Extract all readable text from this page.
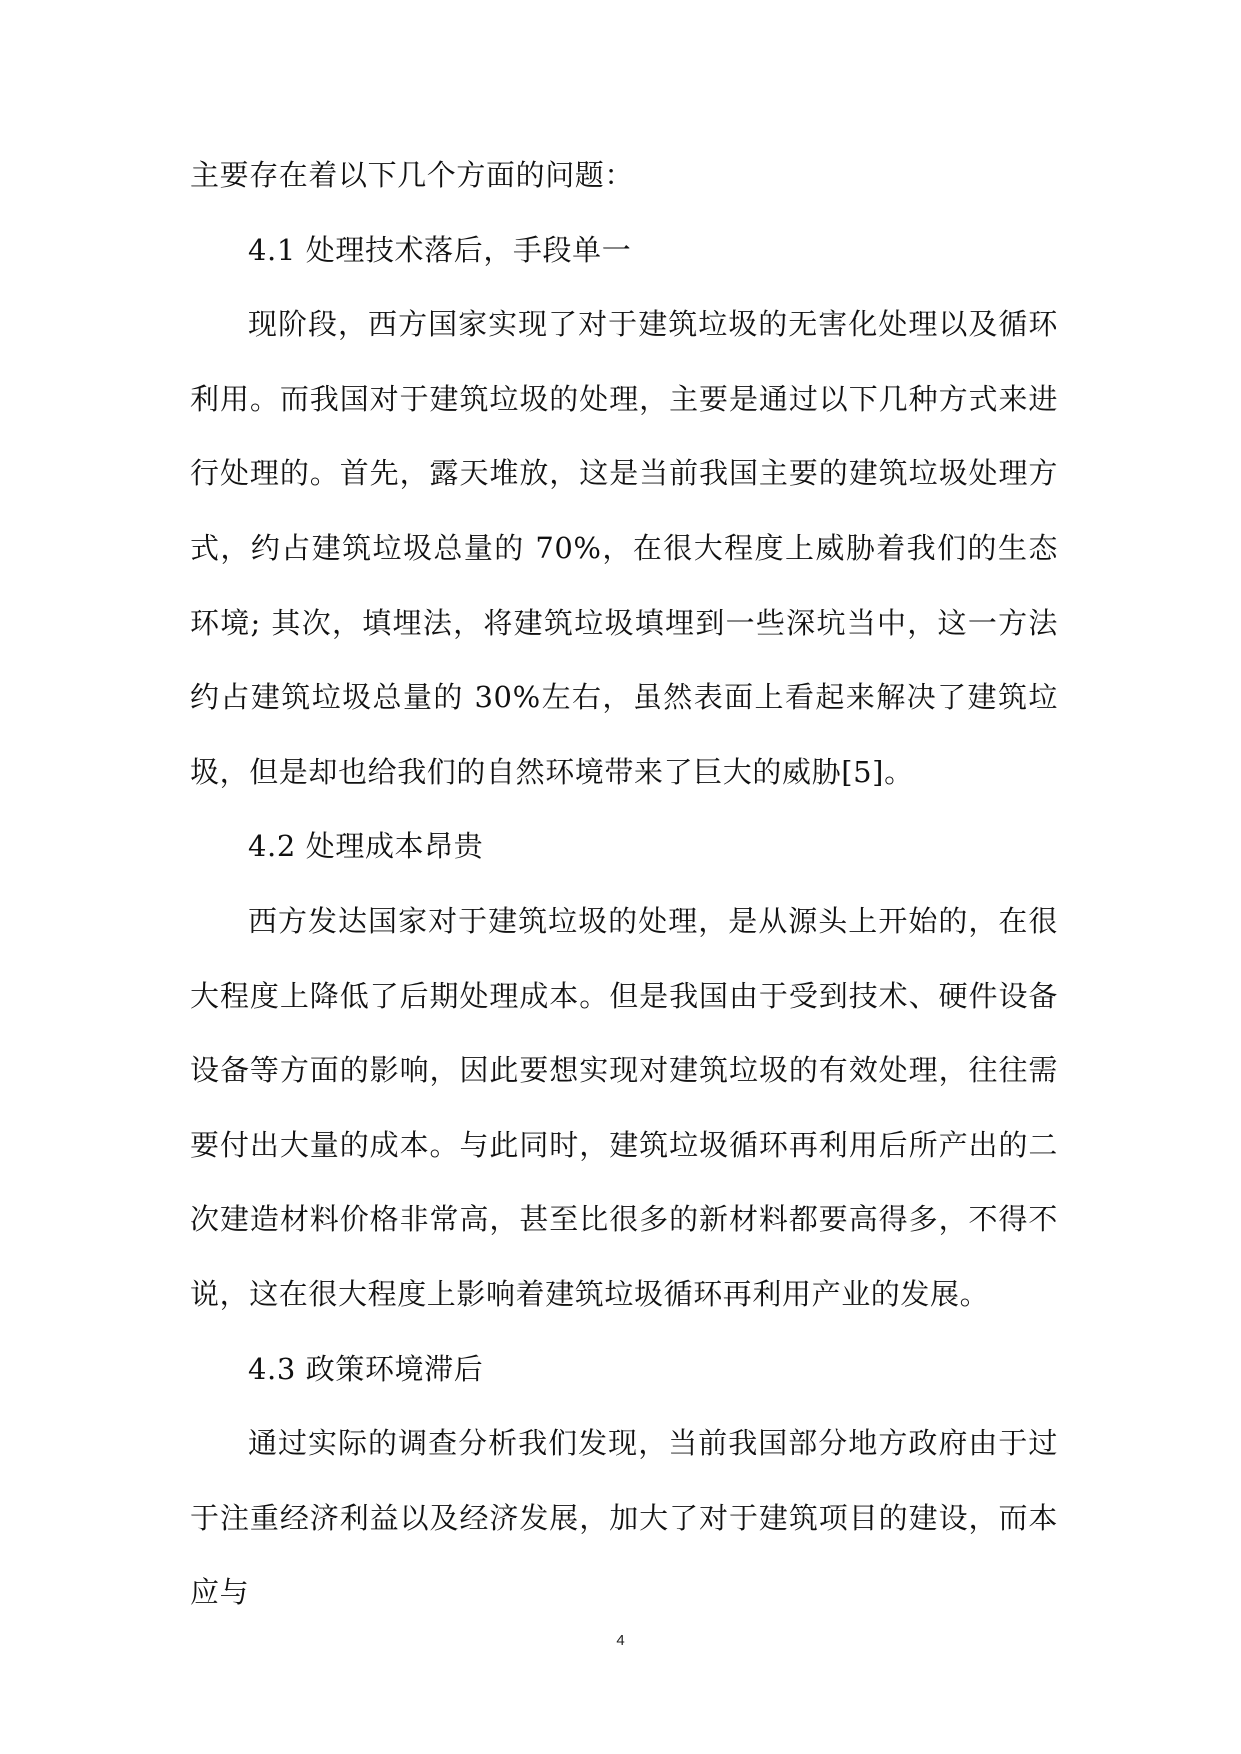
主要存在着以下几个方面的问题：

4.1 处理技术落后，手段单一

现阶段，西方国家实现了对于建筑垃圾的无害化处理以及循环利用。而我国对于建筑垃圾的处理，主要是通过以下几种方式来进行处理的。首先，露天堆放，这是当前我国主要的建筑垃圾处理方式，约占建筑垃圾总量的 70%，在很大程度上威胁着我们的生态环境; 其次，填埋法，将建筑垃圾填埋到一些深坑当中，这一方法约占建筑垃圾总量的 30%左右，虽然表面上看起来解决了建筑垃圾，但是却也给我们的自然环境带来了巨大的威胁[5]。

4.2 处理成本昂贵

西方发达国家对于建筑垃圾的处理，是从源头上开始的，在很大程度上降低了后期处理成本。但是我国由于受到技术、硬件设备设备等方面的影响，因此要想实现对建筑垃圾的有效处理，往往需要付出大量的成本。与此同时，建筑垃圾循环再利用后所产出的二次建造材料价格非常高，甚至比很多的新材料都要高得多，不得不说，这在很大程度上影响着建筑垃圾循环再利用产业的发展。

4.3 政策环境滞后

通过实际的调查分析我们发现，当前我国部分地方政府由于过于注重经济利益以及经济发展，加大了对于建筑项目的建设，而本应与

4
